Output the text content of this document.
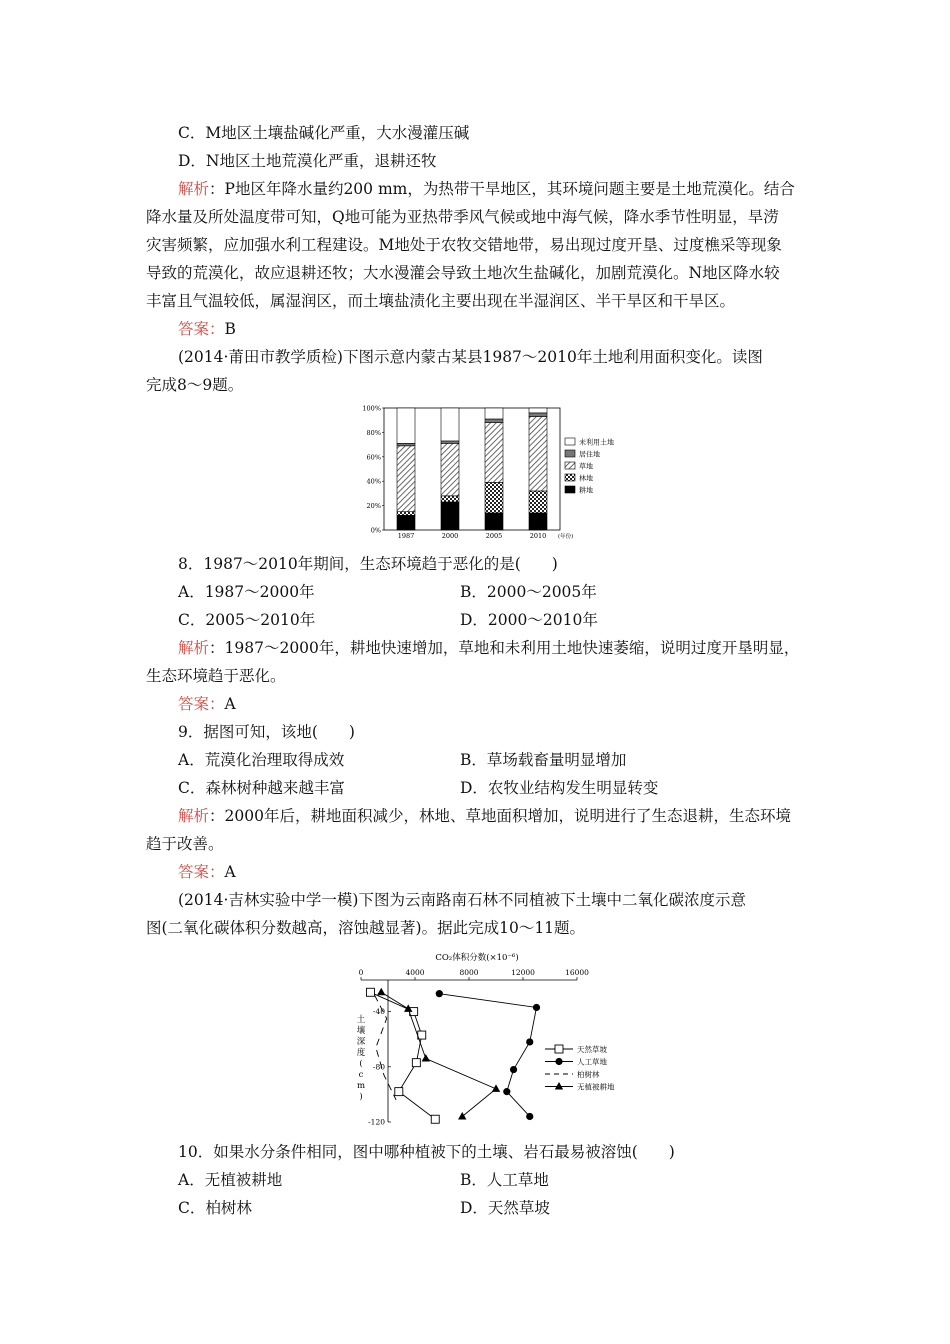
C．M地区土壤盐碱化严重，大水漫灌压碱
D．N地区土地荒漠化严重，退耕还牧
解析：P地区年降水量约200 mm，为热带干旱地区，其环境问题主要是土地荒漠化。结合
降水量及所处温度带可知，Q地可能为亚热带季风气候或地中海气候，降水季节性明显，旱涝
灾害频繁，应加强水利工程建设。M地处于农牧交错地带，易出现过度开垦、过度樵采等现象
导致的荒漠化，故应退耕还牧；大水漫灌会导致土地次生盐碱化，加剧荒漠化。N地区降水较
丰富且气温较低，属湿润区，而土壤盐渍化主要出现在半湿润区、半干旱区和干旱区。
答案：B
(2014·莆田市教学质检)下图示意内蒙古某县1987～2010年土地利用面积变化。读图
完成8～9题。
100%
80%
60%
40%
20%
0%
1987	2000	2005	2010 (年份)
未利用土地
居住地
草地
林地
耕地
8．1987～2010年期间，生态环境趋于恶化的是(　　)
A．1987～2000年	B．2000～2005年
C．2005～2010年	D．2000～2010年
解析：1987～2000年，耕地快速增加，草地和未利用土地快速萎缩，说明过度开垦明显，
生态环境趋于恶化。
答案：A
9．据图可知，该地(　　)
A．荒漠化治理取得成效	B．草场载畜量明显增加
C．森林树种越来越丰富	D．农牧业结构发生明显转变
解析：2000年后，耕地面积减少，林地、草地面积增加，说明进行了生态退耕，生态环境
趋于改善。
答案：A
(2014·吉林实验中学一模)下图为云南路南石林不同植被下土壤中二氧化碳浓度示意
图(二氧化碳体积分数越高，溶蚀越显著)。据此完成10～11题。
CO₂体积分数(×10⁻⁶)
0	4000	8000	12000	16000
-40
-80
-120
土
壤
深
度
(
c
m
)
天然草坡
人工草地
柏树林
无植被耕地
10．如果水分条件相同，图中哪种植被下的土壤、岩石最易被溶蚀(　　)
A．无植被耕地	B．人工草地
C．柏树林	D．天然草坡
